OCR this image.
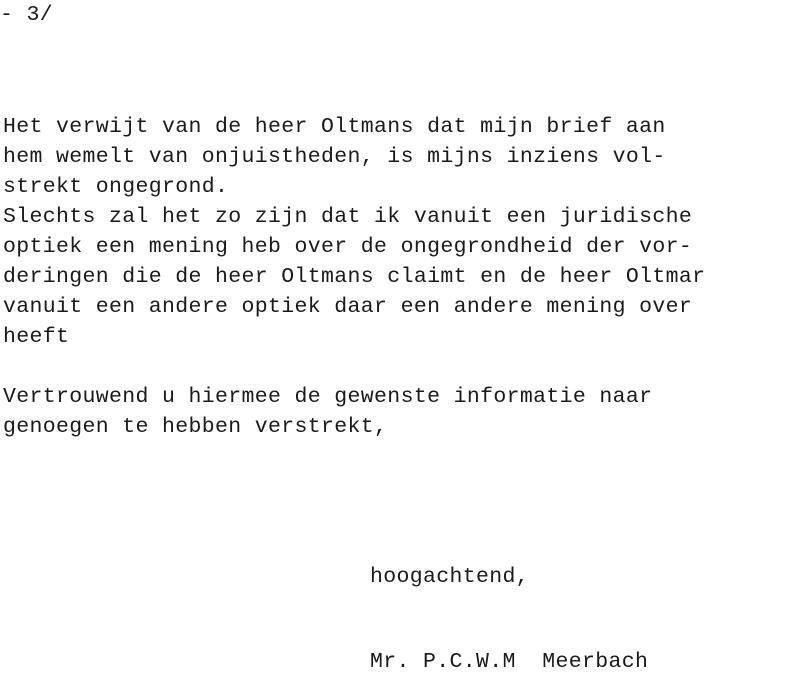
- 3/
Het verwijt van de heer Oltmans dat mijn brief aan
hem wemelt van onjuistheden, is mijns inziens vol-
strekt ongegrond.
Slechts zal het zo zijn dat ik vanuit een juridische
optiek een mening heb over de ongegrondheid der vor-
deringen die de heer Oltmans claimt en de heer Oltmar
vanuit een andere optiek daar een andere mening over
heeft
Vertrouwend u hiermee de gewenste informatie naar
genoegen te hebben verstrekt,
hoogachtend,
Mr. P.C.W.M  Meerbach
